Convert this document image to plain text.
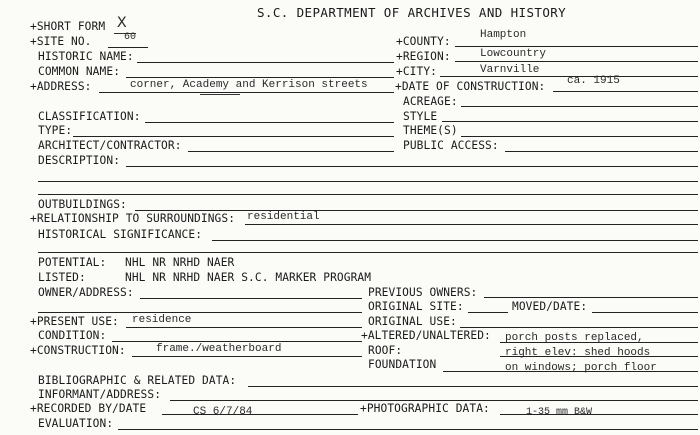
S.C. DEPARTMENT OF ARCHIVES AND HISTORY
+SHORT FORM X
+SITE NO.	60	+COUNTY:	Hampton
HISTORIC NAME:	+REGION:	Lowcountry
COMMON NAME:	+CITY:	Varnville
+ADDRESS:	corner, Academy and Kerrison streets +DATE OF CONSTRUCTION: ca. 1915
ACREAGE:
CLASSIFICATION:	STYLE
TYPE:	THEME(S)
ARCHITECT/CONTRACTOR:	PUBLIC ACCESS:
DESCRIPTION:
OUTBUILDINGS:
+RELATIONSHIP TO SURROUNDINGS: residential
HISTORICAL SIGNIFICANCE:
POTENTIAL: NHL NR NRHD NAER
LISTED:	NHL NR NRHD NAER S.C. MARKER PROGRAM
OWNER/ADDRESS:	PREVIOUS OWNERS:
ORIGINAL SITE:	MOVED/DATE:
+PRESENT USE: residence	ORIGINAL USE:
CONDITION:	+ALTERED/UNALTERED: porch posts replaced,
+CONSTRUCTION:	frame./weatherboard	ROOF:	right elev: shed hoods
FOUNDATION	on windows; porch floor
BIBLIOGRAPHIC & RELATED DATA:
INFORMANT/ADDRESS:
+RECORDED BY/DATE	CS 6/7/84	+PHOTOGRAPHIC DATA:	1-35 mm B&W
EVALUATION:
